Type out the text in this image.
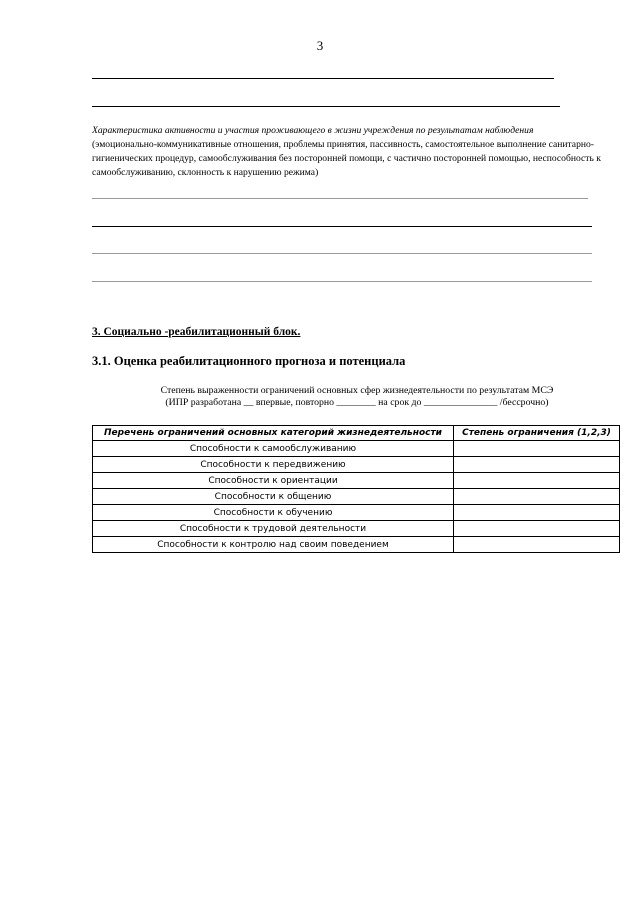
3
Характеристика активности и участия проживающего в жизни учреждения по результатам наблюдения
(эмоционально-коммуникативные отношения, проблемы принятия, пассивность, самостоятельное выполнение санитарно-гигиенических процедур, самообслуживания без посторонней помощи, с частично посторонней помощью, неспособность к самообслуживанию, склонность к нарушению режима)
3. Социально -реабилитационный блок.
3.1. Оценка реабилитационного прогноза и потенциала
Степень выраженности ограничений основных сфер жизнедеятельности по результатам МСЭ
(ИПР разработана __ впервые, повторно ________ на срок до _______________ /бессрочно)
Перечень ограничений основных категорий жизнедеятельности	Степень ограничения (1,2,3)
Способности к самообслуживанию	
Способности к передвижению	
Способности к ориентации	
Способности к общению	
Способности к обучению	
Способности к трудовой деятельности	
Способности к контролю над своим поведением	
